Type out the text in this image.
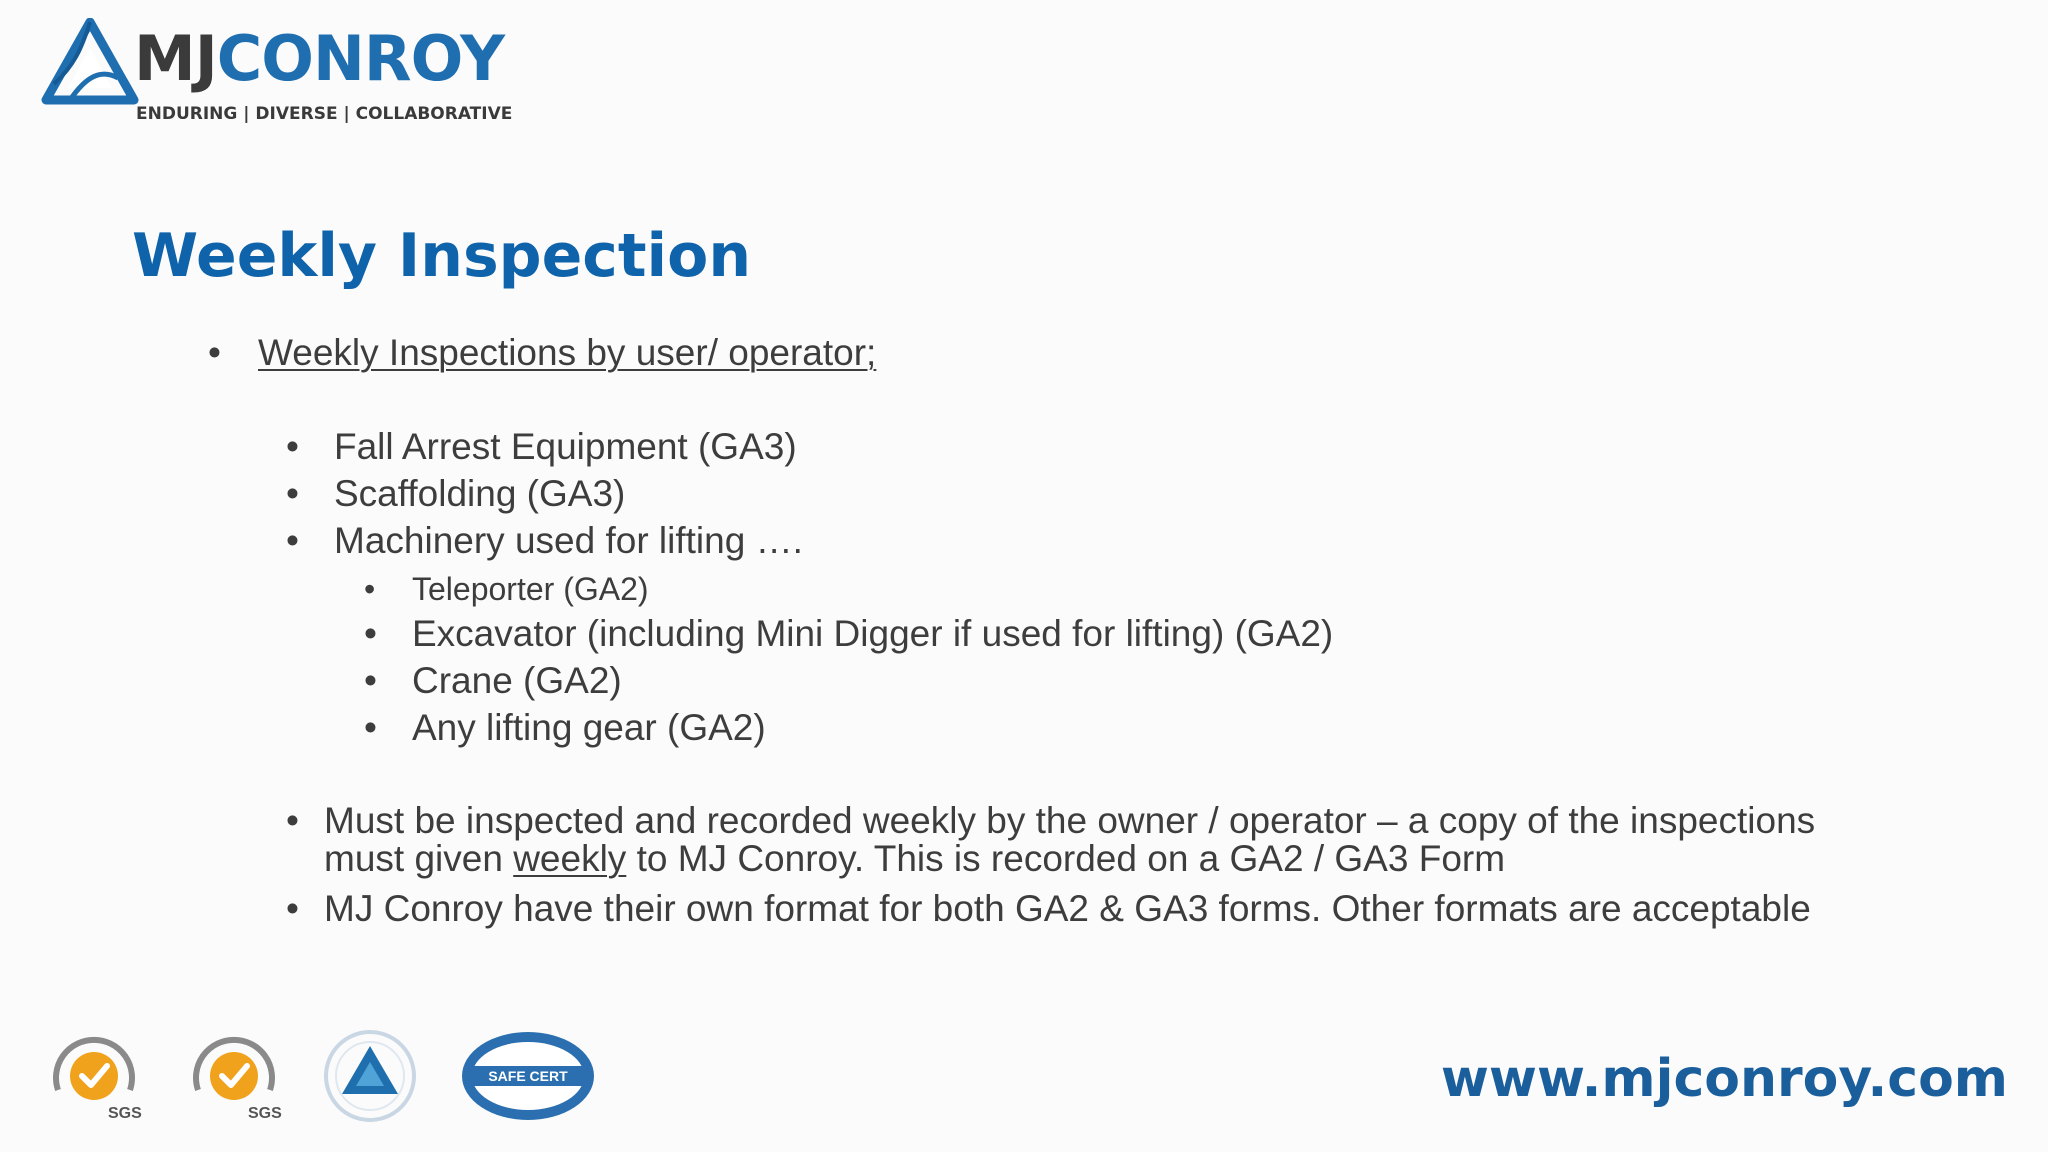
MJCONROY
ENDURING | DIVERSE | COLLABORATIVE
Weekly Inspection
• Weekly Inspections by user/ operator;
• Fall Arrest Equipment (GA3)
• Scaffolding (GA3)
• Machinery used for lifting ….
• Teleporter (GA2)
• Excavator (including Mini Digger if used for lifting) (GA2)
• Crane (GA2)
• Any lifting gear (GA2)
• Must be inspected and recorded weekly by the owner / operator – a copy of the inspections
must given weekly to MJ Conroy. This is recorded on a GA2 / GA3 Form
• MJ Conroy have their own format for both GA2 & GA3 forms. Other formats are acceptable
SGS	SGS
SAFE CERT	www.mjconroy.com
